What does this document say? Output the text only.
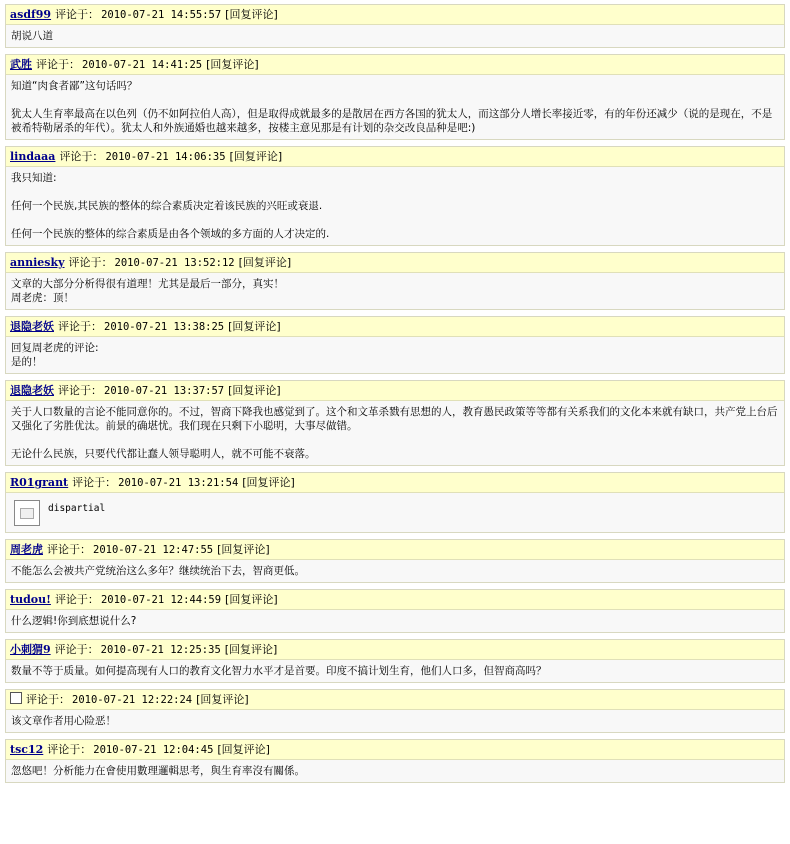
asdf99 评论于： 2010-07-21 14:55:57 [回复评论]

胡说八道

武胜 评论于： 2010-07-21 14:41:25 [回复评论]

知道“肉食者鄙”这句话吗？

犹太人生育率最高在以色列（仍不如阿拉伯人高），但是取得成就最多的是散居在西方各国的犹太人，而这部分人增长率接近零，有的年份还减少（说的是现在，不是被希特勒屠杀的年代）。犹太人和外族通婚也越来越多，按楼主意见那是有计划的杂交改良品种是吧:)

lindaaa 评论于： 2010-07-21 14:06:35 [回复评论]

我只知道:

任何一个民族,其民族的整体的综合素质决定着该民族的兴旺或衰退.

任何一个民族的整体的综合素质是由各个领域的多方面的人才决定的.

anniesky 评论于： 2010-07-21 13:52:12 [回复评论]

文章的大部分分析得很有道理！尤其是最后一部分，真实！

周老虎：顶！

退隐老妖 评论于： 2010-07-21 13:38:25 [回复评论]

回复周老虎的评论:

是的！

退隐老妖 评论于： 2010-07-21 13:37:57 [回复评论]

关于人口数量的言论不能同意你的。不过，智商下降我也感觉到了。这个和文革杀戮有思想的人，教育愚民政策等等都有关系我们的文化本来就有缺口，共产党上台后又强化了劣胜优汰。前景的确堪忧。我们现在只剩下小聪明，大事尽做错。

无论什么民族，只要代代都让蠢人领导聪明人，就不可能不衰落。

R01grant 评论于： 2010-07-21 13:21:54 [回复评论]
dispartial
周老虎 评论于： 2010-07-21 12:47:55 [回复评论]

不能怎么会被共产党统治这么多年？继续统治下去，智商更低。

tudou! 评论于： 2010-07-21 12:44:59 [回复评论]

什么逻辑!你到底想说什么?

小刺猬9 评论于： 2010-07-21 12:25:35 [回复评论]

数量不等于质量。如何提高现有人口的教育文化智力水平才是首要。印度不搞计划生育，他们人口多，但智商高吗？

评论于： 2010-07-21 12:22:24 [回复评论]

该文章作者用心险恶！

tsc12 评论于： 2010-07-21 12:04:45 [回复评论]

忽悠吧！分析能力在會使用數理邏輯思考，與生育率沒有關係。
